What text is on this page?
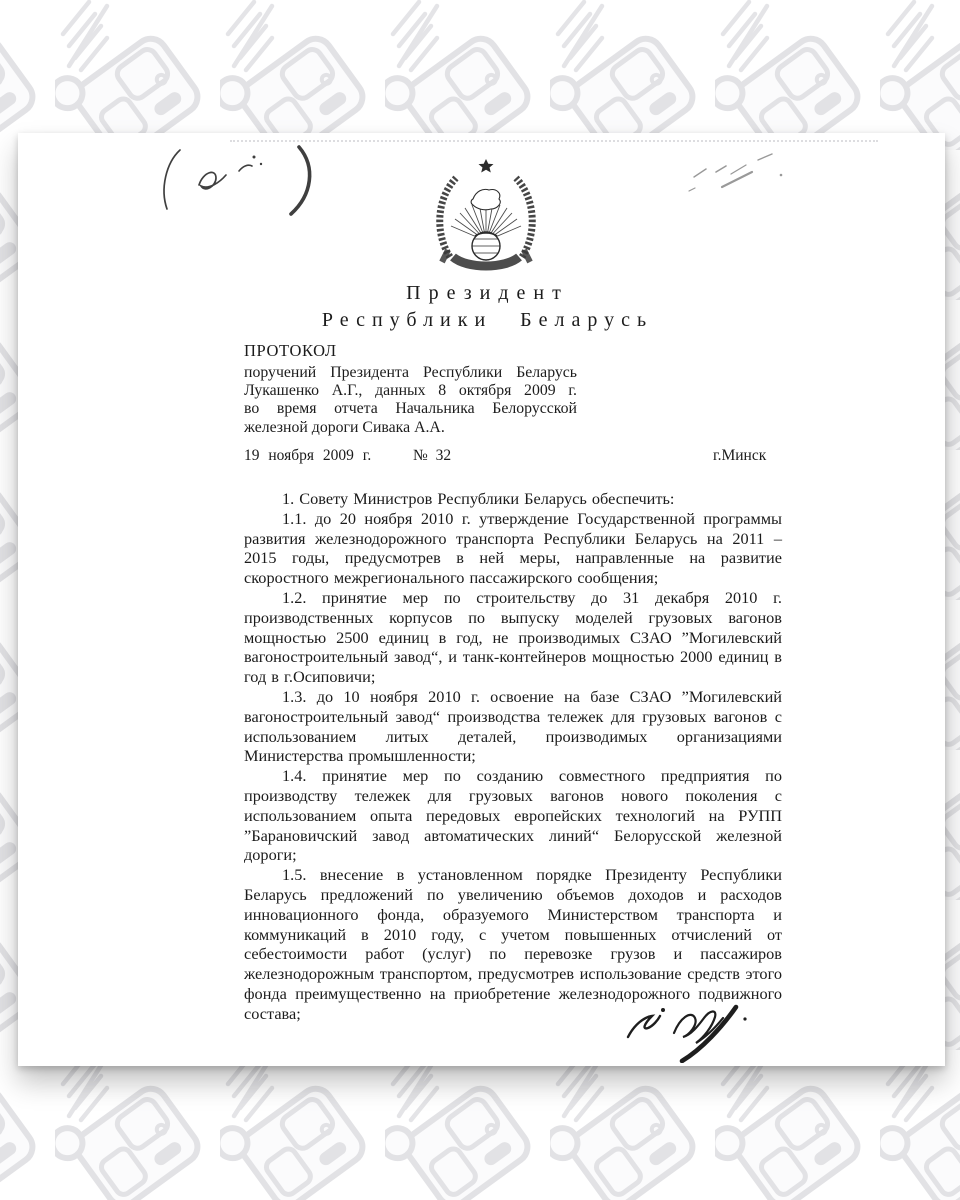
Президент
Республики Беларусь
ПРОТОКОЛ
поручений Президента Республики Беларусь
Лукашенко А.Г., данных 8 октября 2009 г.
во время отчета Начальника Белорусской
железной дороги Сивака А.А.
19 ноября 2009 г.	№ 32	г.Минск

1. Совету Министров Республики Беларусь обеспечить:

1.1. до 20 ноября 2010 г. утверждение Государственной программы развития железнодорожного транспорта Республики Беларусь на 2011 – 2015 годы, предусмотрев в ней меры, направленные на развитие скоростного межрегионального пассажирского сообщения;

1.2. принятие мер по строительству до 31 декабря 2010 г. производственных корпусов по выпуску моделей грузовых вагонов мощностью 2500 единиц в год, не производимых СЗАО ”Могилевский вагоностроительный завод“, и танк-контейнеров мощностью 2000 единиц в год в г.Осиповичи;

1.3. до 10 ноября 2010 г. освоение на базе СЗАО ”Могилевский вагоностроительный завод“ производства тележек для грузовых вагонов с использованием литых деталей, производимых организациями Министерства промышленности;

1.4. принятие мер по созданию совместного предприятия по производству тележек для грузовых вагонов нового поколения с использованием опыта передовых европейских технологий на РУПП ”Барановичский завод автоматических линий“ Белорусской железной дороги;

1.5. внесение в установленном порядке Президенту Республики Беларусь предложений по увеличению объемов доходов и расходов инновационного фонда, образуемого Министерством транспорта и коммуникаций в 2010 году, с учетом повышенных отчислений от себестоимости работ (услуг) по перевозке грузов и пассажиров железнодорожным транспортом, предусмотрев использование средств этого фонда преимущественно на приобретение железнодорожного подвижного состава;
